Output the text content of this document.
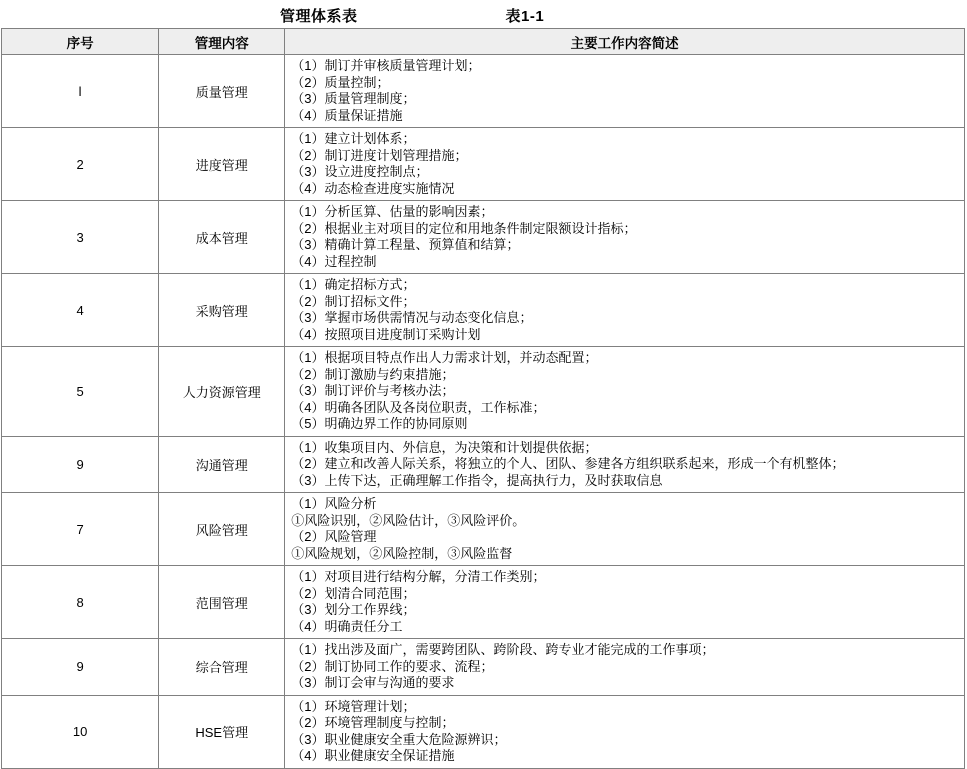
管理体系表	表1-1
序号	管理内容	主要工作内容简述
l	质量管理	（1）制订并审核质量管理计划；
（2）质量控制；
（3）质量管理制度；
（4）质量保证措施

2	进度管理	（1）建立计划体系；
（2）制订进度计划管理措施；
（3）设立进度控制点；
（4）动态检查进度实施情况

3	成本管理	（1）分析匡算、估量的影响因素；
（2）根据业主对项目的定位和用地条件制定限额设计指标；
（3）精确计算工程量、预算值和结算；
（4）过程控制

4	采购管理	（1）确定招标方式；
（2）制订招标文件；
（3）掌握市场供需情况与动态变化信息；
（4）按照项目进度制订采购计划

5	人力资源管理	（1）根据项目特点作出人力需求计划，并动态配置；
（2）制订激励与约束措施；
（3）制订评价与考核办法；
（4）明确各团队及各岗位职责，工作标准；
（5）明确边界工作的协同原则

9	沟通管理	（1）收集项目内、外信息，为决策和计划提供依据；
（2）建立和改善人际关系，将独立的个人、团队、参建各方组织联系起来，形成一个有机整体；
（3）上传下达，正确理解工作指令，提高执行力，及时获取信息

7	风险管理	（1）风险分析
①风险识别，②风险估计，③风险评价。
（2）风险管理
①风险规划，②风险控制，③风险监督

8	范围管理	（1）对项目进行结构分解，分清工作类别；
（2）划清合同范围；
（3）划分工作界线；
（4）明确责任分工

9	综合管理	（1）找出涉及面广，需要跨团队、跨阶段、跨专业才能完成的工作事项；
（2）制订协同工作的要求、流程；
（3）制订会审与沟通的要求

10	HSE管理	（1）环境管理计划；
（2）环境管理制度与控制；
（3）职业健康安全重大危险源辨识；
（4）职业健康安全保证措施
